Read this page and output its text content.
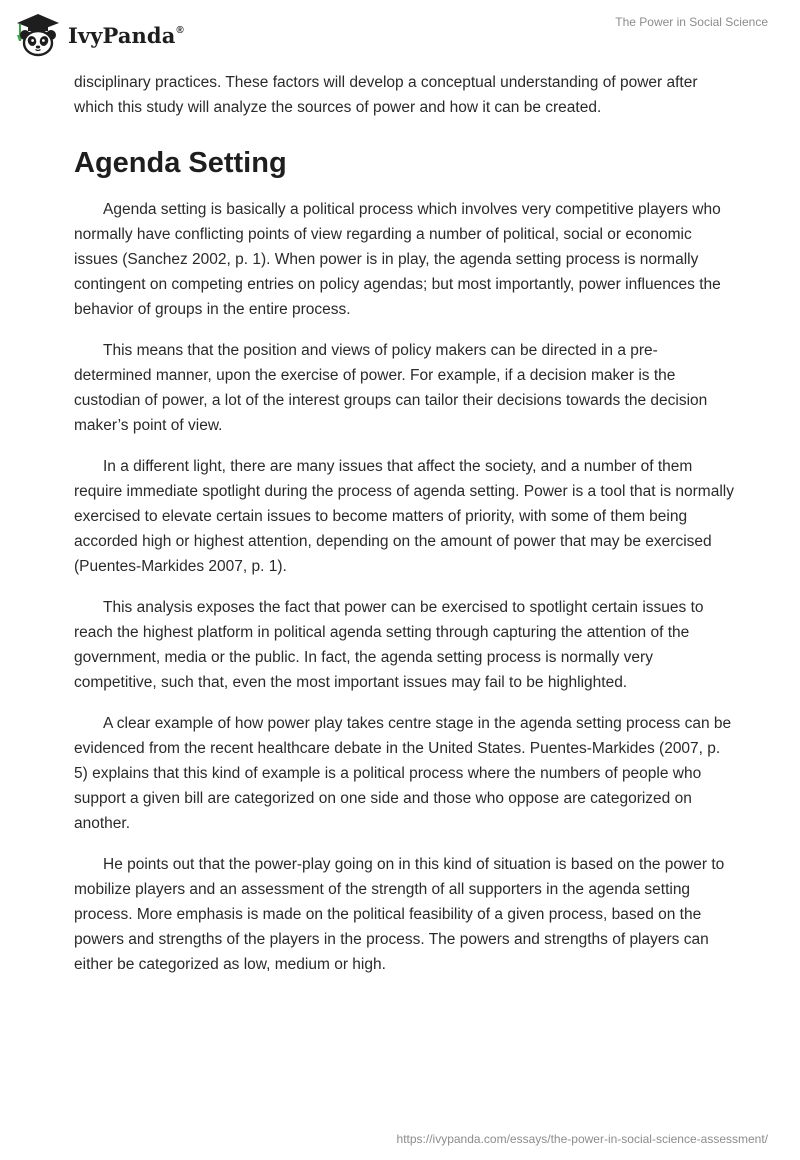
IvyPanda®
The Power in Social Science

disciplinary practices. These factors will develop a conceptual understanding of power after which this study will analyze the sources of power and how it can be created.

Agenda Setting

Agenda setting is basically a political process which involves very competitive players who normally have conflicting points of view regarding a number of political, social or economic issues (Sanchez 2002, p. 1). When power is in play, the agenda setting process is normally contingent on competing entries on policy agendas; but most importantly, power influences the behavior of groups in the entire process.

This means that the position and views of policy makers can be directed in a pre-determined manner, upon the exercise of power. For example, if a decision maker is the custodian of power, a lot of the interest groups can tailor their decisions towards the decision maker’s point of view.

In a different light, there are many issues that affect the society, and a number of them require immediate spotlight during the process of agenda setting. Power is a tool that is normally exercised to elevate certain issues to become matters of priority, with some of them being accorded high or highest attention, depending on the amount of power that may be exercised (Puentes-Markides 2007, p. 1).

This analysis exposes the fact that power can be exercised to spotlight certain issues to reach the highest platform in political agenda setting through capturing the attention of the government, media or the public. In fact, the agenda setting process is normally very competitive, such that, even the most important issues may fail to be highlighted.

A clear example of how power play takes centre stage in the agenda setting process can be evidenced from the recent healthcare debate in the United States. Puentes-Markides (2007, p. 5) explains that this kind of example is a political process where the numbers of people who support a given bill are categorized on one side and those who oppose are categorized on another.

He points out that the power-play going on in this kind of situation is based on the power to mobilize players and an assessment of the strength of all supporters in the agenda setting process. More emphasis is made on the political feasibility of a given process, based on the powers and strengths of the players in the process. The powers and strengths of players can either be categorized as low, medium or high.

https://ivypanda.com/essays/the-power-in-social-science-assessment/
